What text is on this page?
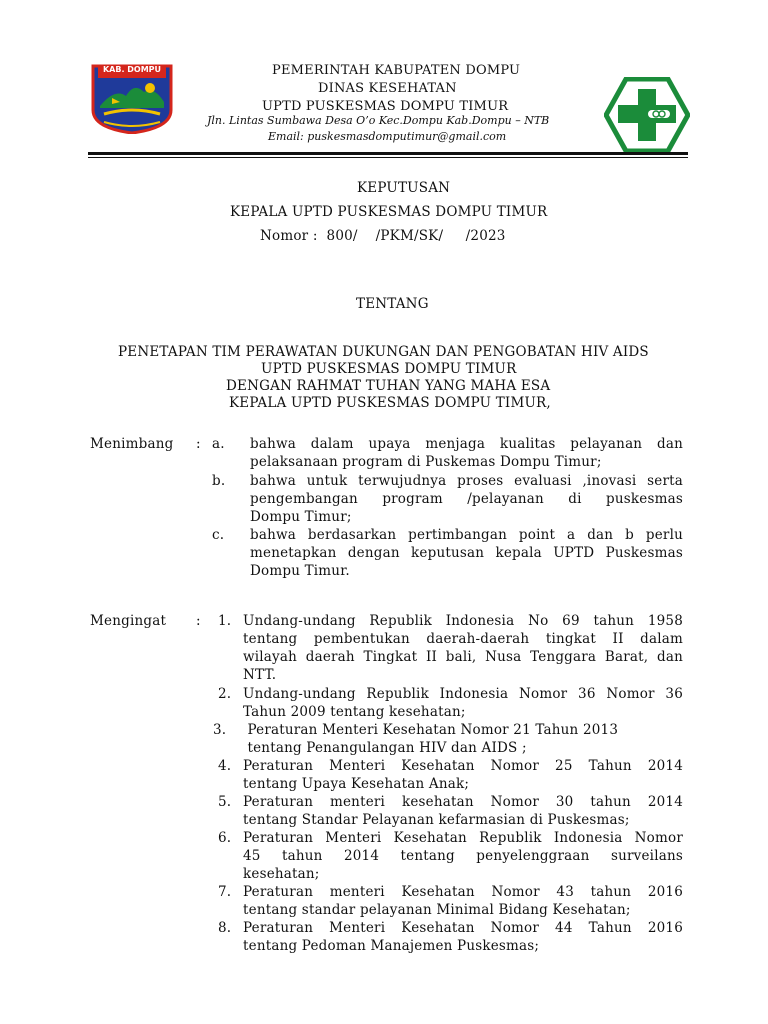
KAB. DOMPU	PEMERINTAH KABUPATEN DOMPU
DINAS KESEHATAN
UPTD PUSKESMAS DOMPU TIMUR
Jln. Lintas Sumbawa Desa O’o Kec.Dompu Kab.Dompu – NTB
Email: puskesmasdomputimur@gmail.com
KEPUTUSAN
KEPALA UPTD PUSKESMAS DOMPU TIMUR
Nomor :  800/    /PKM/SK/     /2023
TENTANG
PENETAPAN TIM PERAWATAN DUKUNGAN DAN PENGOBATAN HIV AIDS
UPTD PUSKESMAS DOMPU TIMUR
DENGAN RAHMAT TUHAN YANG MAHA ESA
KEPALA UPTD PUSKESMAS DOMPU TIMUR,
Menimbang : a. bahwa dalam upaya menjaga kualitas pelayanan dan
pelaksanaan program di Puskemas Dompu Timur;
b. bahwa untuk terwujudnya proses evaluasi ,inovasi serta
pengembangan program /pelayanan di puskesmas
Dompu Timur;
c. bahwa berdasarkan pertimbangan point a dan b perlu
menetapkan dengan keputusan kepala UPTD Puskesmas
Dompu Timur.
Mengingat : 1. Undang-undang Republik Indonesia No 69 tahun 1958
tentang pembentukan daerah-daerah tingkat II dalam
wilayah daerah Tingkat II bali, Nusa Tenggara Barat, dan
NTT.
2. Undang-undang Republik Indonesia Nomor 36 Nomor 36
Tahun 2009 tentang kesehatan;
3. Peraturan Menteri Kesehatan Nomor 21 Tahun 2013
tentang Penangulangan HIV dan AIDS ;
4. Peraturan Menteri Kesehatan Nomor 25 Tahun 2014
tentang Upaya Kesehatan Anak;
5. Peraturan menteri kesehatan Nomor 30 tahun 2014
tentang Standar Pelayanan kefarmasian di Puskesmas;
6. Peraturan Menteri Kesehatan Republik Indonesia Nomor
45 tahun 2014 tentang penyelenggraan surveilans
kesehatan;
7. Peraturan menteri Kesehatan Nomor 43 tahun 2016
tentang standar pelayanan Minimal Bidang Kesehatan;
8. Peraturan Menteri Kesehatan Nomor 44 Tahun 2016
tentang Pedoman Manajemen Puskesmas;
